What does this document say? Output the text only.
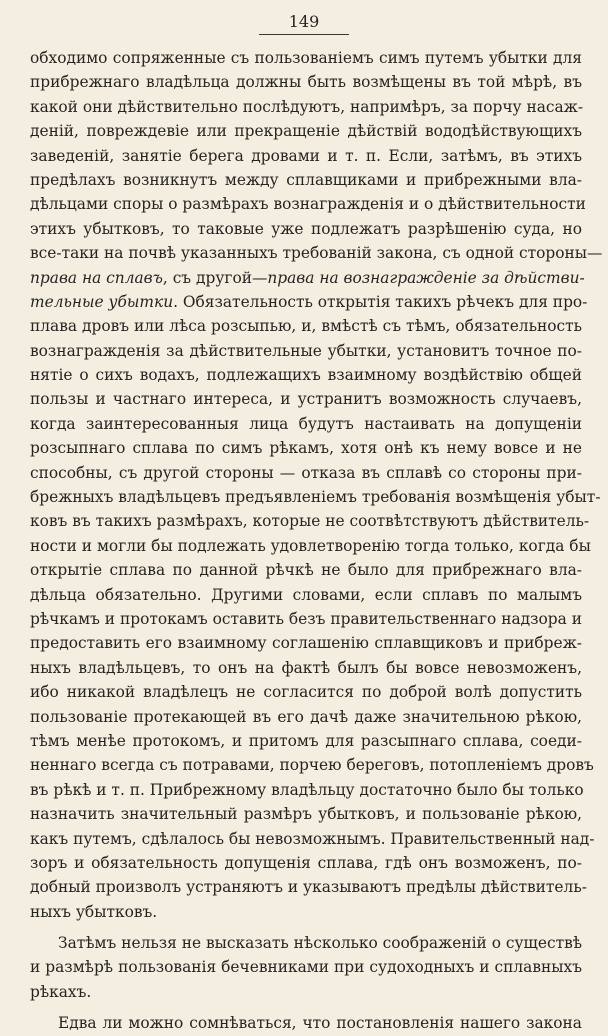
149
обходимо сопряженные съ пользованіемъ симъ путемъ убытки для
прибрежнаго владѣльца должны быть возмѣщены въ той мѣрѣ, въ
какой они дѣйствительно послѣдуютъ, напримѣръ, за порчу насаж-
деній, повреждевіе или прекращеніе дѣйствій вододѣйствующихъ
заведеній, занятіе берега дровами и т. п. Если, затѣмъ, въ этихъ
предѣлахъ возникнутъ между сплавщиками и прибрежными вла-
дѣльцами споры о размѣрахъ вознагражденія и о дѣйствительности
этихъ убытковъ, то таковые уже подлежатъ разрѣшенію суда, но
все-таки на почвѣ указанныхъ требованій закона, съ одной стороны—
права на сплавъ, съ другой—права на вознагражденіе за дѣйстви-
тельные убытки. Обязательность открытія такихъ рѣчекъ для про-
плава дровъ или лѣса розсыпью, и, вмѣстѣ съ тѣмъ, обязательность
вознагражденія за дѣйствительные убытки, установитъ точное по-
нятіе о сихъ водахъ, подлежащихъ взаимному воздѣйствію общей
пользы и частнаго интереса, и устранитъ возможность случаевъ,
когда заинтересованныя лица будутъ настаивать на допущеніи
розсыпнаго сплава по симъ рѣкамъ, хотя онѣ къ нему вовсе и не
способны, съ другой стороны — отказа въ сплавѣ со стороны при-
брежныхъ владѣльцевъ предъявленіемъ требованія возмѣщенія убыт-
ковъ въ такихъ размѣрахъ, которые не соотвѣтствуютъ дѣйствитель-
ности и могли бы подлежать удовлетворенію тогда только, когда бы
открытіе сплава по данной рѣчкѣ не было для прибрежнаго вла-
дѣльца обязательно. Другими словами, если сплавъ по малымъ
рѣчкамъ и протокамъ оставить безъ правительственнаго надзора и
предоставить его взаимному соглашенію сплавщиковъ и прибреж-
ныхъ владѣльцевъ, то онъ на фактѣ былъ бы вовсе невозможенъ,
ибо никакой владѣлецъ не согласится по доброй волѣ допустить
пользованіе протекающей въ его дачѣ даже значительною рѣкою,
тѣмъ менѣе протокомъ, и притомъ для разсыпнаго сплава, соеди-
неннаго всегда съ потравами, порчею береговъ, потопленіемъ дровъ
въ рѣкѣ и т. п. Прибрежному владѣльцу достаточно было бы только
назначить значительный размѣръ убытковъ, и пользованіе рѣкою,
какъ путемъ, сдѣлалось бы невозможнымъ. Правительственный над-
зоръ и обязательность допущенія сплава, гдѣ онъ возможенъ, по-
добный произволъ устраняютъ и указываютъ предѣлы дѣйствитель-
ныхъ убытковъ.
Затѣмъ нельзя не высказать нѣсколько соображеній о существѣ
и размѣрѣ пользованія бечевниками при судоходныхъ и сплавныхъ
рѣкахъ.
Едва ли можно сомнѣваться, что постановленія нашего закона
